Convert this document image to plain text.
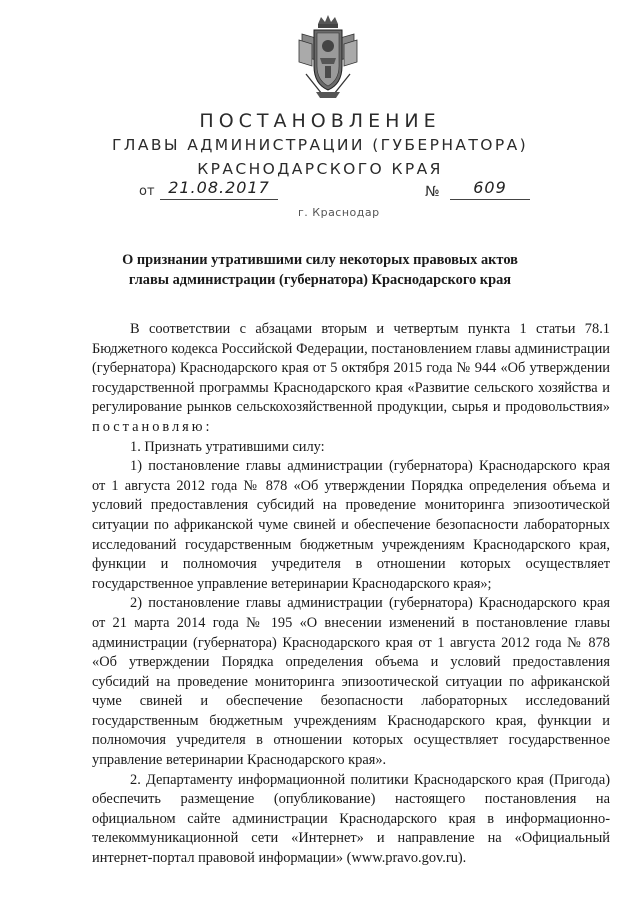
ПОСТАНОВЛЕНИЕ
ГЛАВЫ АДМИНИСТРАЦИИ (ГУБЕРНАТОРА)
КРАСНОДАРСКОГО КРАЯ
от 21.08.2017	№	609
г. Краснодар
О признании утратившими силу некоторых правовых актов
главы администрации (губернатора) Краснодарского края

В соответствии с абзацами вторым и четвертым пункта 1 статьи 78.1 Бюджетного кодекса Российской Федерации, постановлением главы администрации (губернатора) Краснодарского края от 5 октября 2015 года № 944 «Об утверждении государственной программы Краснодарского края «Развитие сельского хозяйства и регулирование рынков сельскохозяйственной продукции, сырья и продовольствия» постановляю:

1. Признать утратившими силу:

1) постановление главы администрации (губернатора) Краснодарского края от 1 августа 2012 года № 878 «Об утверждении Порядка определения объема и условий предоставления субсидий на проведение мониторинга эпизоотической ситуации по африканской чуме свиней и обеспечение безопасности лабораторных исследований государственным бюджетным учреждениям Краснодарского края, функции и полномочия учредителя в отношении которых осуществляет государственное управление ветеринарии Краснодарского края»;

2) постановление главы администрации (губернатора) Краснодарского края от 21 марта 2014 года № 195 «О внесении изменений в постановление главы администрации (губернатора) Краснодарского края от 1 августа 2012 года № 878 «Об утверждении Порядка определения объема и условий предоставления субсидий на проведение мониторинга эпизоотической ситуации по африканской чуме свиней и обеспечение безопасности лабораторных исследований государственным бюджетным учреждениям Краснодарского края, функции и полномочия учредителя в отношении которых осуществляет государственное управление ветеринарии Краснодарского края».

2. Департаменту информационной политики Краснодарского края (Пригода) обеспечить размещение (опубликование) настоящего постановления на официальном сайте администрации Краснодарского края в информационно-телекоммуникационной сети «Интернет» и направление на «Официальный интернет-портал правовой информации» (www.pravo.gov.ru).
